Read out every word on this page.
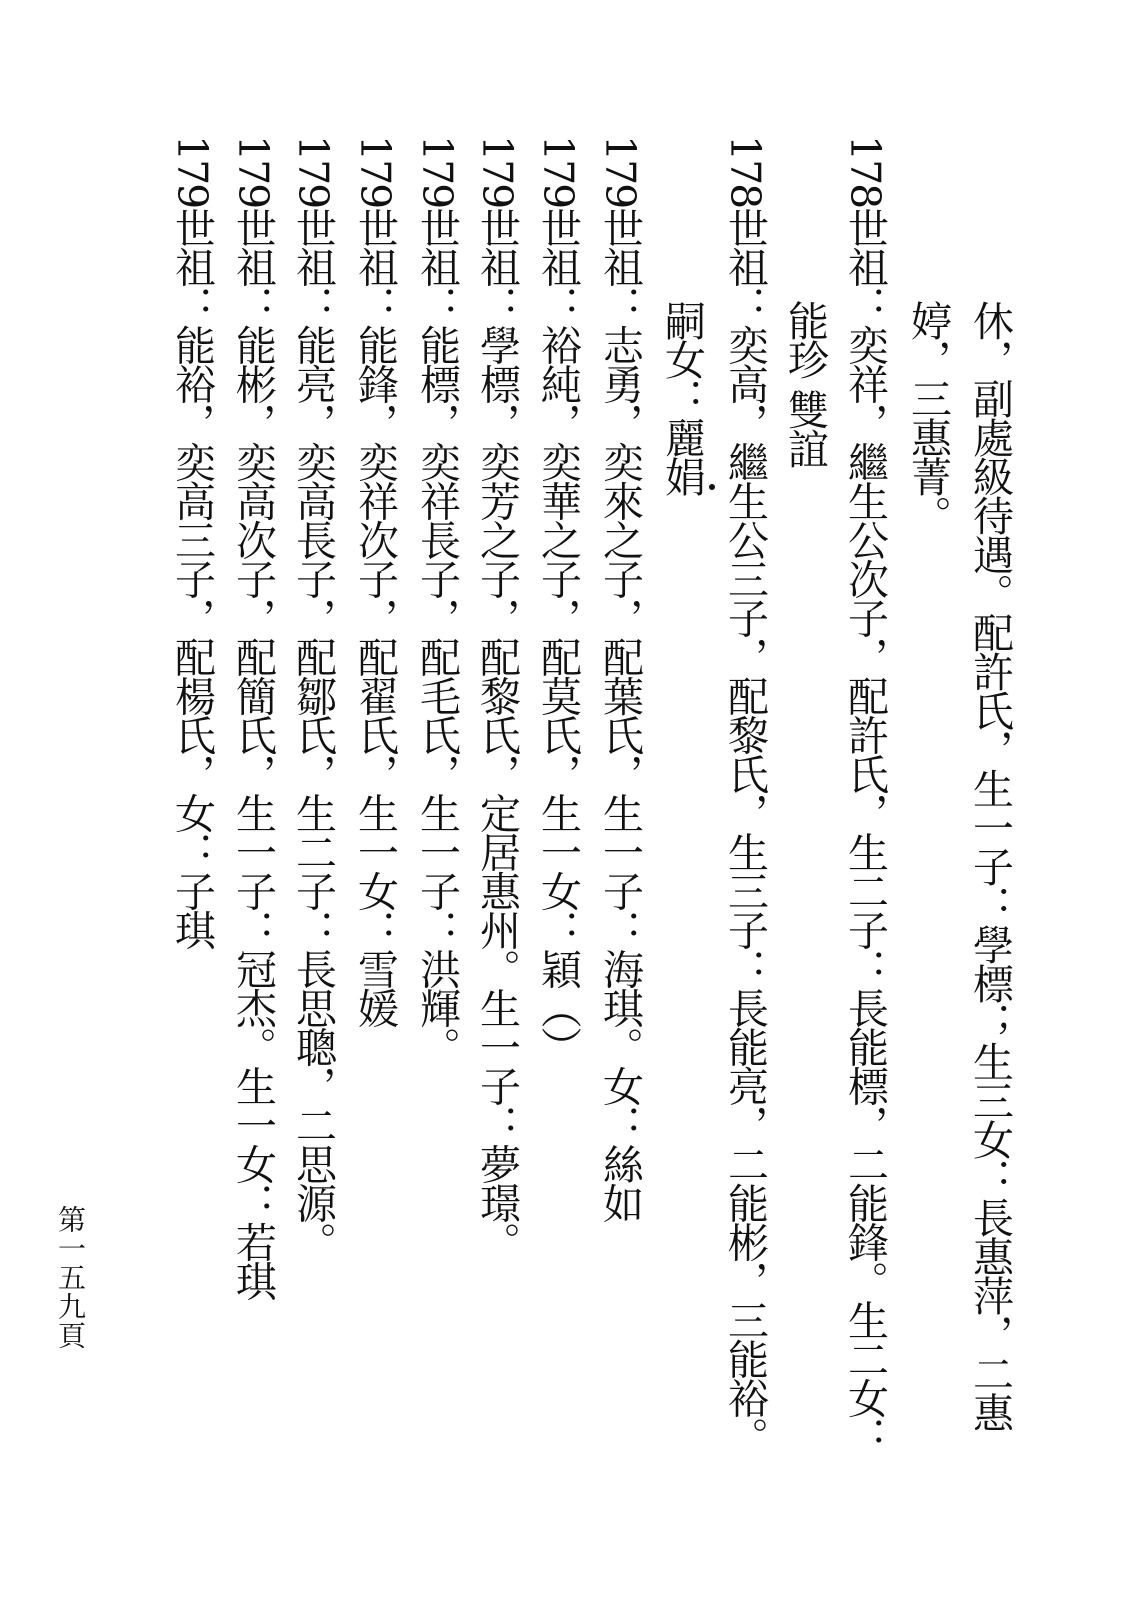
休，副處級待遇。配許氏，生一子：學標；生三女：長惠萍，二惠
婷，三惠菁。
178世祖：奕祥，繼生公次子，配許氏，生二子：長能標，二能鋒。生二女：
能珍 雙誼
178世祖：奕高，繼生公三子，配黎氏，生三子：長能亮，二能彬，三能裕。
嗣女：麗娟
179世祖：志勇，奕來之子，配葉氏，生一子：海琪。女：絲如
179世祖：裕純，奕華之子，配莫氏，生一女：穎（）
179世祖：學標，奕芳之子，配黎氏，定居惠州。生一子：夢璟。
179世祖：能標，奕祥長子，配毛氏，生一子：洪輝。
179世祖：能鋒，奕祥次子，配翟氏，生一女：雪媛
179世祖：能亮，奕高長子，配鄒氏，生二子：長思聰，二思源。
179世祖：能彬，奕高次子，配簡氏，生一子：冠杰。生一女：若琪
179世祖：能裕，奕高三子，配楊氏，女：子琪
第一五九頁
